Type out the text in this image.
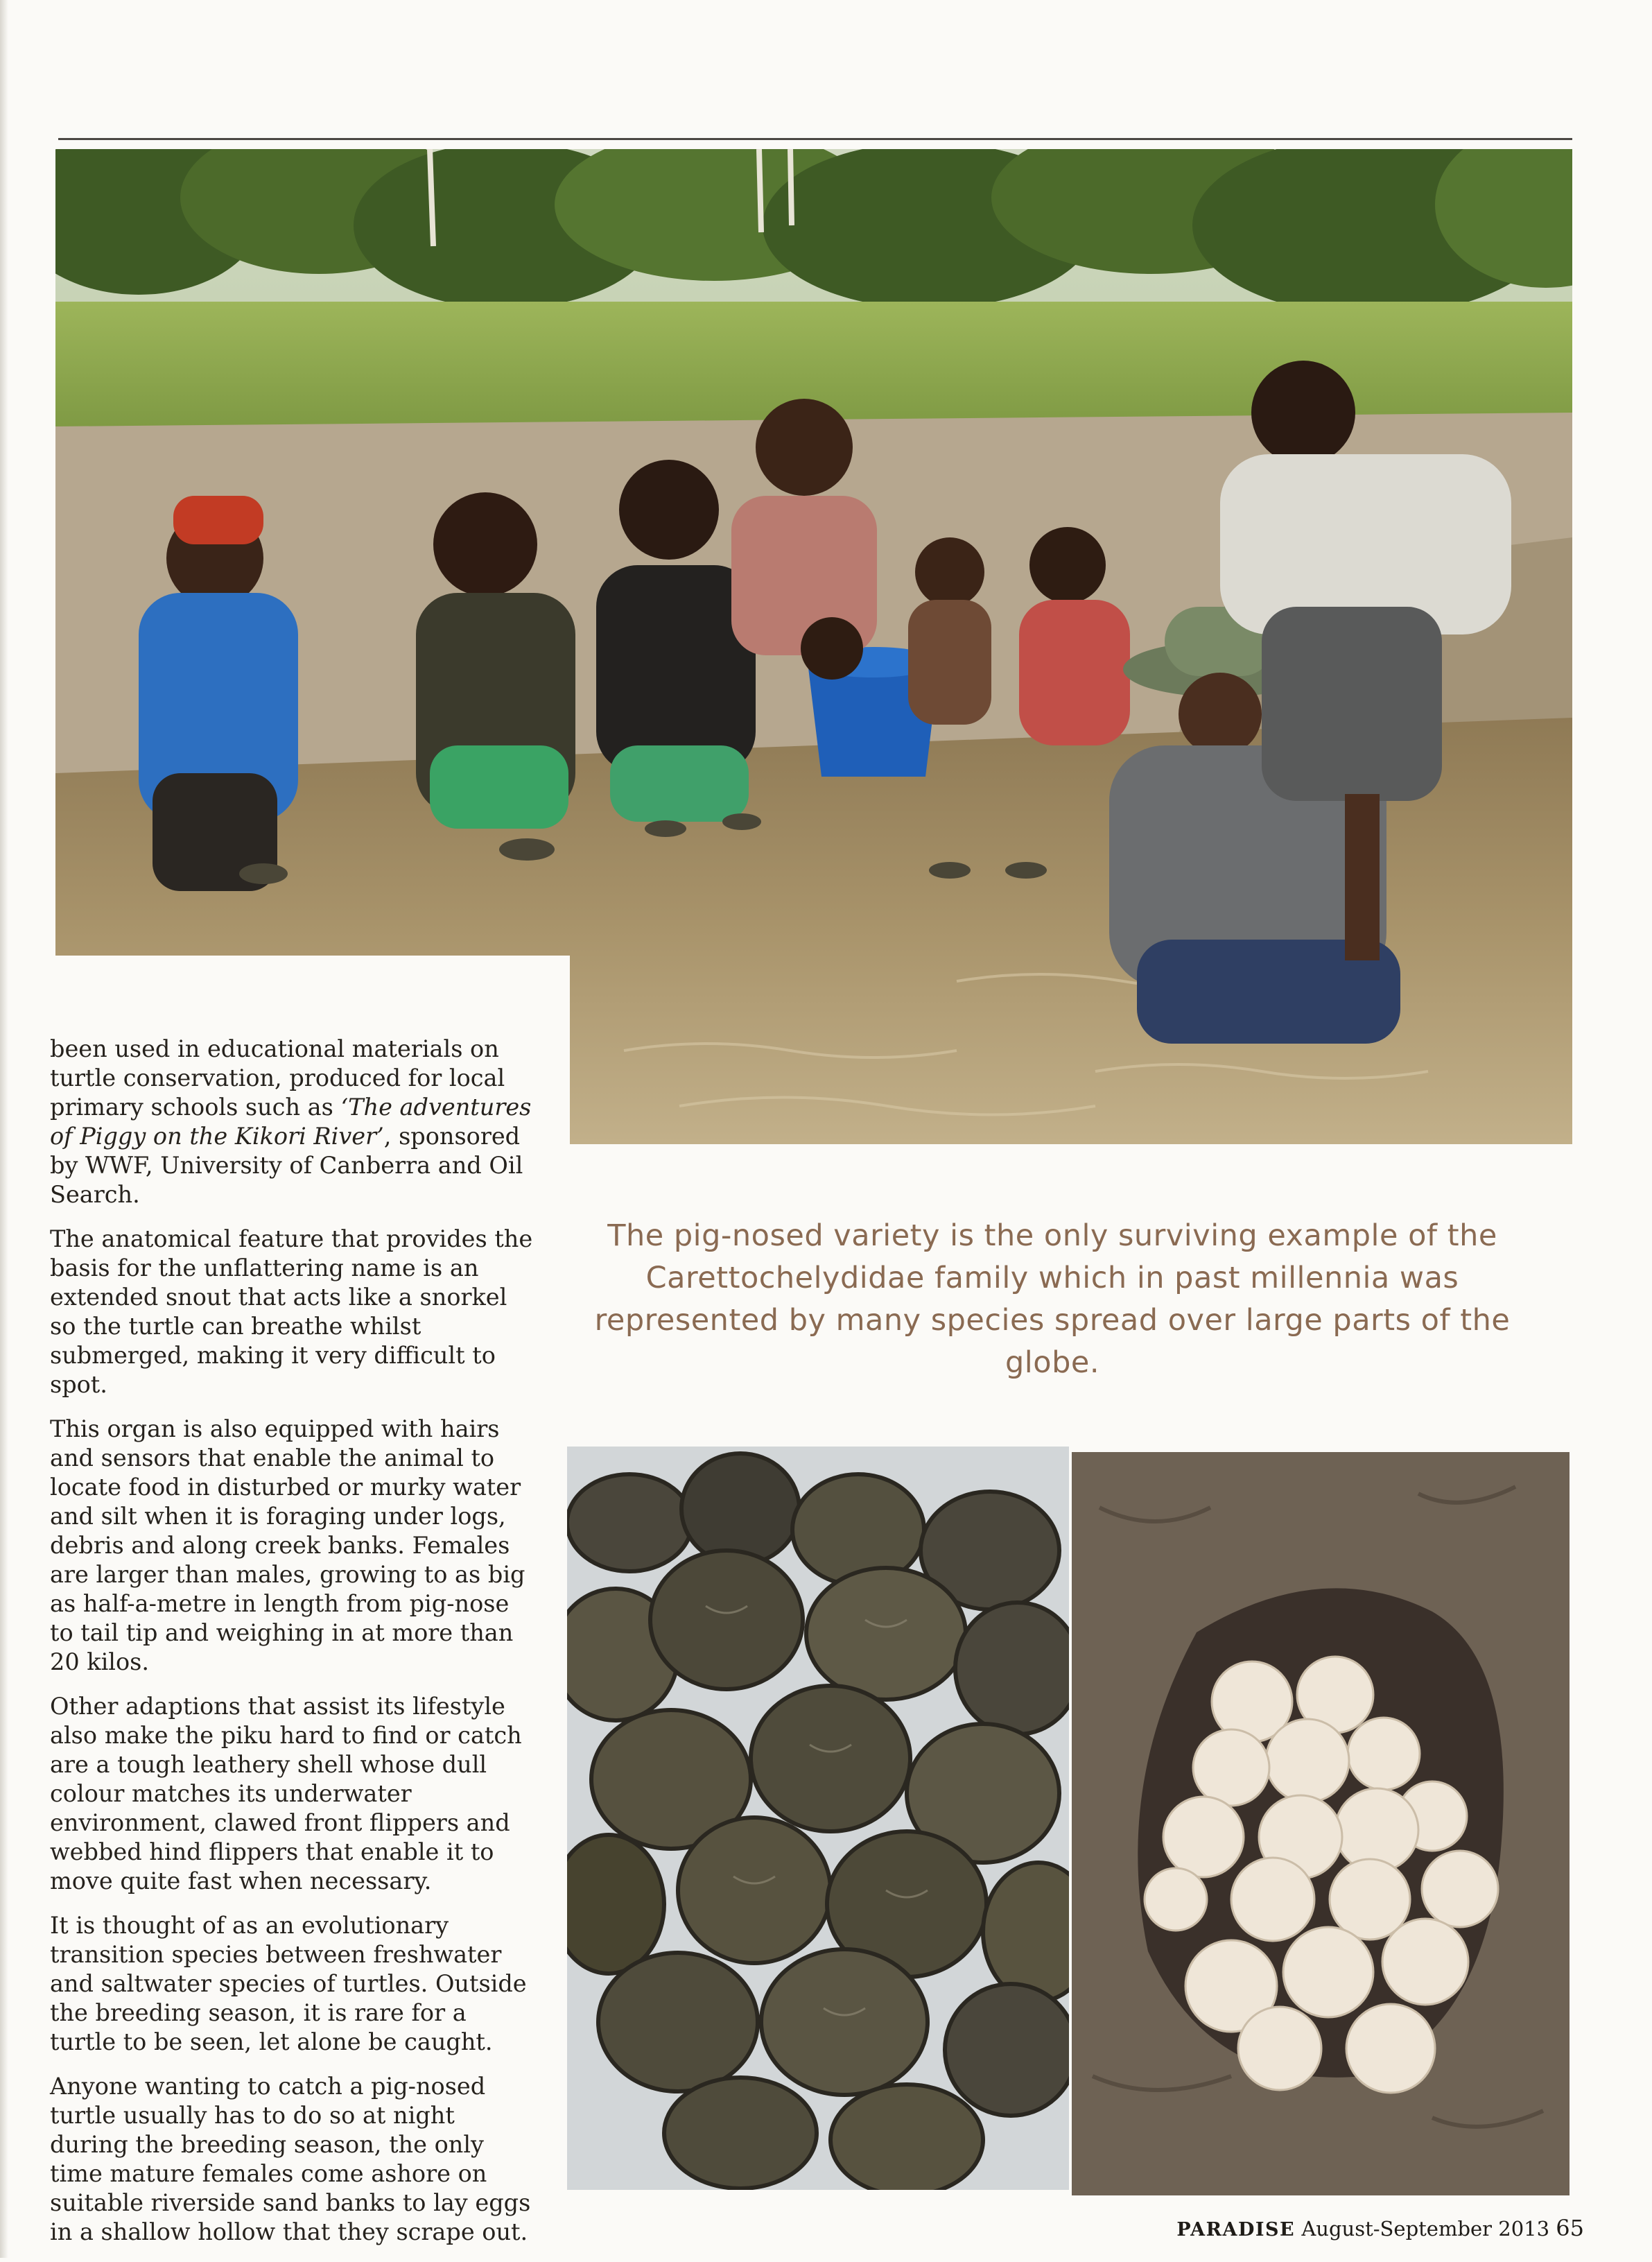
been used in educational materials on turtle conservation, produced for local primary schools such as ‘The adventures of Piggy on the Kikori River’, sponsored by WWF, University of Canberra and Oil Search.

The anatomical feature that provides the basis for the unflattering name is an extended snout that acts like a snorkel so the turtle can breathe whilst submerged, making it very difficult to spot.

This organ is also equipped with hairs and sensors that enable the animal to locate food in disturbed or murky water and silt when it is foraging under logs, debris and along creek banks. Females are larger than males, growing to as big as half-a-metre in length from pig-nose to tail tip and weighing in at more than 20 kilos.

Other adaptions that assist its lifestyle also make the piku hard to find or catch are a tough leathery shell whose dull colour matches its underwater environment, clawed front flippers and webbed hind flippers that enable it to move quite fast when necessary.

It is thought of as an evolutionary transition species between freshwater and saltwater species of turtles. Outside the breeding season, it is rare for a turtle to be seen, let alone be caught.

Anyone wanting to catch a pig-nosed turtle usually has to do so at night during the breeding season, the only time mature females come ashore on suitable riverside sand banks to lay eggs in a shallow hollow that they scrape out.

The pig-nosed variety is the only surviving example of the Carettochelydidae family which in past millennia was represented by many species spread over large parts of the globe.
PARADISE August-September 2013 65
